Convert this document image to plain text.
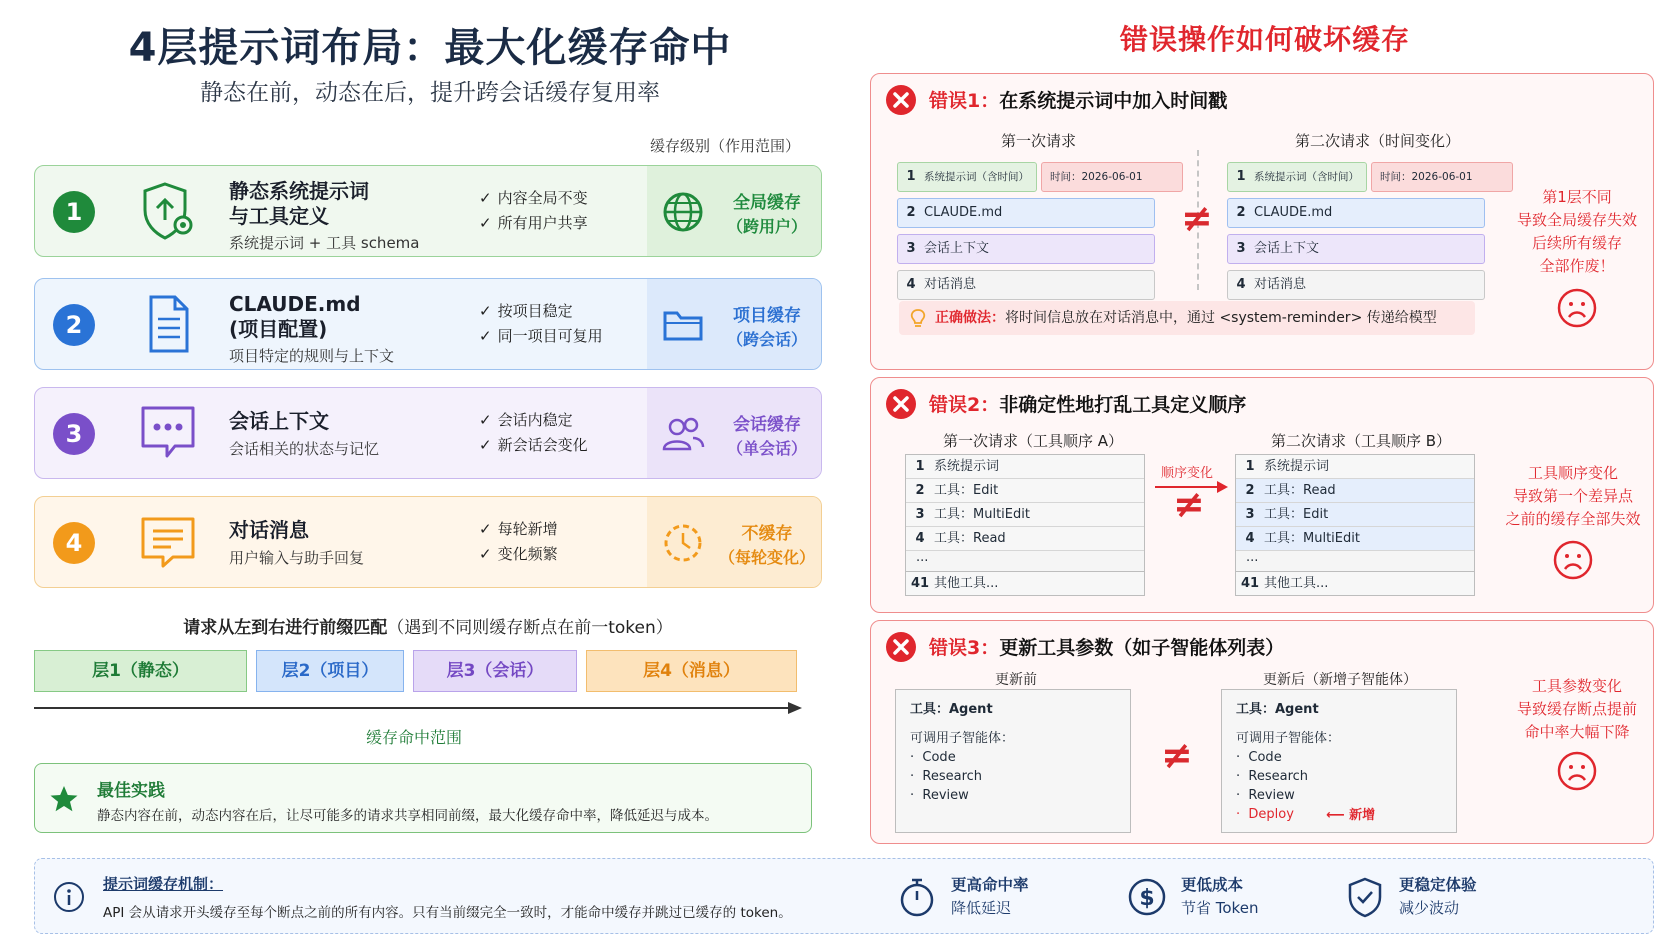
4层提示词布局：最大化缓存命中
静态在前，动态在后，提升跨会话缓存复用率
缓存级别（作用范围）
1
静态系统提示词
与工具定义
系统提示词 + 工具 schema
✓ 内容全局不变
✓ 所有用户共享
全局缓存
（跨用户）
2
CLAUDE.md
(项目配置)
项目特定的规则与上下文
✓ 按项目稳定
✓ 同一项目可复用
项目缓存
（跨会话）
3	会话上下文
会话相关的状态与记忆
✓ 会话内稳定
✓ 新会话会变化
会话缓存
（单会话）
4	对话消息
用户输入与助手回复
✓ 每轮新增
✓ 变化频繁
不缓存
（每轮变化）
请求从左到右进行前缀匹配（遇到不同则缓存断点在前一token）
层1（静态）	层2（项目）	层3（会话）	层4（消息）
缓存命中范围
最佳实践
静态内容在前，动态内容在后，让尽可能多的请求共享相同前缀，最大化缓存命中率，降低延迟与成本。
错误操作如何破坏缓存
错误1：在系统提示词中加入时间戳
第一次请求	第二次请求（时间变化）
1 系统提示词（含时间）	时间：2026-06-01
2 CLAUDE.md
3 会话上下文
4 对话消息
≠
1 系统提示词（含时间）	时间：2026-06-01
2 CLAUDE.md
3 会话上下文
4 对话消息
第1层不同
导致全局缓存失效
后续所有缓存
全部作废！
正确做法：将时间信息放在对话消息中，通过 <system-reminder> 传递给模型
错误2：非确定性地打乱工具定义顺序
第一次请求（工具顺序 A）	第二次请求（工具顺序 B）
1 系统提示词
2 工具：Edit
3 工具：MultiEdit
4 工具：Read
...
41 其他工具...
顺序变化
≠
1 系统提示词
2 工具：Read
3 工具：Edit
4 工具：MultiEdit
...
41 其他工具...
工具顺序变化
导致第一个差异点
之前的缓存全部失效
错误3：更新工具参数（如子智能体列表）
更新前	更新后（新增子智能体）
工具：Agent
可调用子智能体：
·  Code
·  Research
·  Review
≠
工具：Agent
可调用子智能体：
·  Code
·  Research
·  Review
·  Deploy	⟵ 新增
工具参数变化
导致缓存断点提前
命中率大幅下降
提示词缓存机制：
API 会从请求开头缓存至每个断点之前的所有内容。只有当前缀完全一致时，才能命中缓存并跳过已缓存的 token。
更高命中率
降低延迟	$
更低成本
节省 Token
更稳定体验
减少波动
